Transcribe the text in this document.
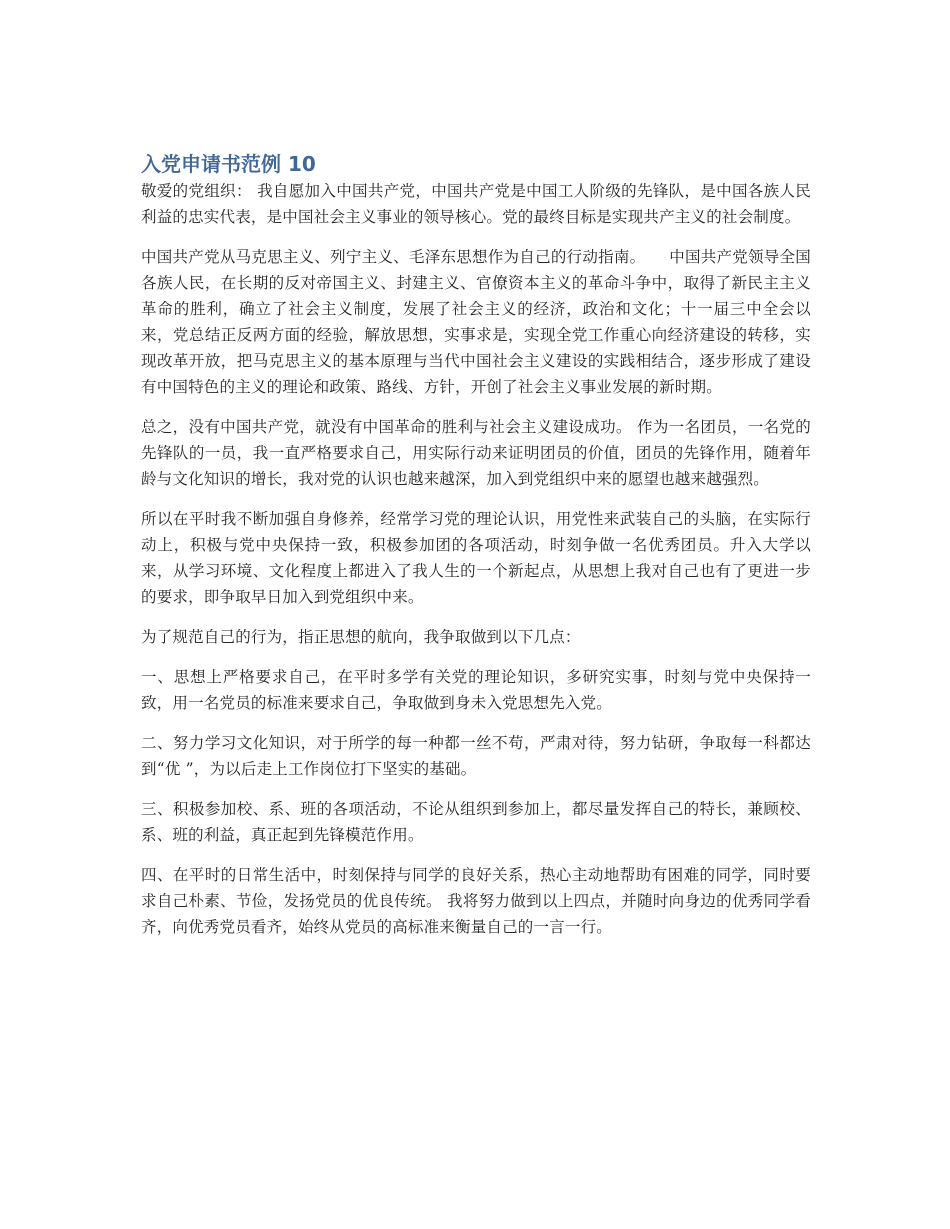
入党申请书范例 10

敬爱的党组织： 我自愿加入中国共产党，中国共产党是中国工人阶级的先锋队，是中国各族人民利益的忠实代表，是中国社会主义事业的领导核心。党的最终目标是实现共产主义的社会制度。

中国共产党从马克思主义、列宁主义、毛泽东思想作为自己的行动指南。　　中国共产党领导全国各族人民，在长期的反对帝国主义、封建主义、官僚资本主义的革命斗争中，取得了新民主主义革命的胜利，确立了社会主义制度，发展了社会主义的经济，政治和文化；十一届三中全会以来，党总结正反两方面的经验，解放思想，实事求是，实现全党工作重心向经济建设的转移，实现改革开放，把马克思主义的基本原理与当代中国社会主义建设的实践相结合，逐步形成了建设有中国特色的主义的理论和政策、路线、方针，开创了社会主义事业发展的新时期。

总之，没有中国共产党，就没有中国革命的胜利与社会主义建设成功。 作为一名团员，一名党的先锋队的一员，我一直严格要求自己，用实际行动来证明团员的价值，团员的先锋作用，随着年龄与文化知识的增长，我对党的认识也越来越深，加入到党组织中来的愿望也越来越强烈。

所以在平时我不断加强自身修养，经常学习党的理论认识，用党性来武装自己的头脑，在实际行动上，积极与党中央保持一致，积极参加团的各项活动，时刻争做一名优秀团员。升入大学以来，从学习环境、文化程度上都进入了我人生的一个新起点，从思想上我对自己也有了更进一步的要求，即争取早日加入到党组织中来。

为了规范自己的行为，指正思想的航向，我争取做到以下几点：

一、思想上严格要求自己，在平时多学有关党的理论知识，多研究实事，时刻与党中央保持一致，用一名党员的标准来要求自己，争取做到身未入党思想先入党。

二、努力学习文化知识，对于所学的每一种都一丝不苟，严肃对待，努力钻研，争取每一科都达到“优 ”，为以后走上工作岗位打下坚实的基础。

三、积极参加校、系、班的各项活动，不论从组织到参加上，都尽量发挥自己的特长，兼顾校、系、班的利益，真正起到先锋模范作用。

四、在平时的日常生活中，时刻保持与同学的良好关系，热心主动地帮助有困难的同学，同时要求自己朴素、节俭，发扬党员的优良传统。 我将努力做到以上四点，并随时向身边的优秀同学看齐，向优秀党员看齐，始终从党员的高标准来衡量自己的一言一行。
